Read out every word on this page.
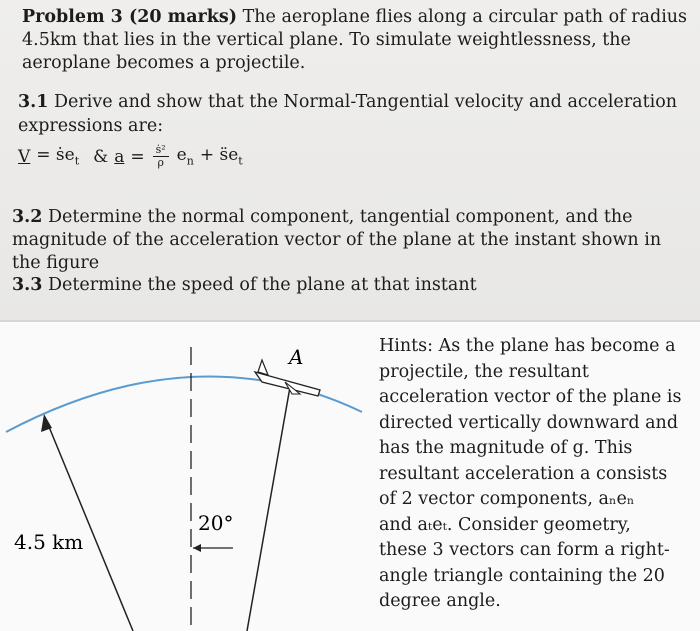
Problem 3 (20 marks) The aeroplane flies along a circular path of radius

4.5km that lies in the vertical plane. To simulate weightlessness, the

aeroplane becomes a projectile.

3.1 Derive and show that the Normal-Tangential velocity and acceleration

expressions are:

V = ṡe$_t$ & $a = \frac{\text{ṡ²}}{\rho} e_n$ + $s̈e_t$

3.2 Determine the normal component, tangential component, and the

magnitude of the acceleration vector of the plane at the instant shown in

the figure

3.3 Determine the speed of the plane at that instant

A
4.5 km
20°
Hints: As the plane has become a
projectile, the resultant
acceleration vector of the plane is
directed vertically downward and
has the magnitude of g. This
resultant acceleration a consists
of 2 vector components, aₙeₙ
and aₜeₜ. Consider geometry,
these 3 vectors can form a right-
angle triangle containing the 20
degree angle.
